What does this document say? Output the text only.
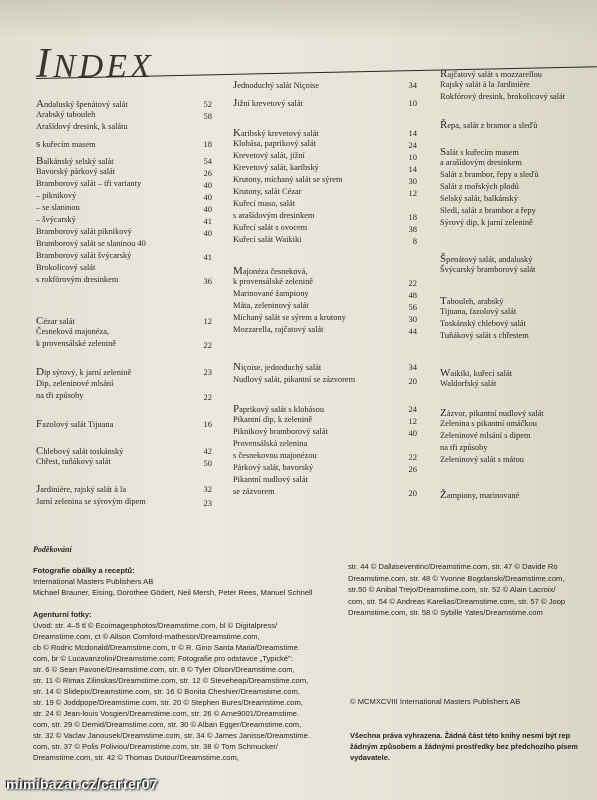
INDEX
Andaluský špenátový salát	52
Arabský tabouleh	58
Arašídový dresink, k salátu
s kuřecím masem	18
Balkánský selský salát	54
Bavorský párkový salát	26
Bramborový salát – tři varianty	40
– piknikový	40
– se slaninou	40
– švýcarský	41
Bramborový salát piknikový	40
Bramborový salát se slaninou 40
Bramborový salát švýcarský	41
Brokolicový salát
s rokfórovým dresinkem	36
Cézar salát	12
Česneková majonéza,
k provensálské zelenině	22
Dip sýrový, k jarní zelenině	23
Dip, zeleninové mlsání
na tři způsoby	22
Fazolový salát Tijuana	16
Chlebový salát toskánský	42
Chřest, tuňákový salát	50
Jardinière, rajský salát à la	32
Jarní zelenina se sýrovým dipem	23
Jednoduchý salát Niçoise	34
Jižní krevetový salát	10
Karibský krevetový salát	14
Klobása, paprikový salát	24
Krevetový salát, jižní	10
Krevetový salát, karibský	14
Krutony, míchaný salát se sýrem	30
Krutony, salát Cézar	12
Kuřecí maso, salát
s arašídovým dresinkem	18
Kuřecí salát s ovocem	38
Kuřecí salát Waikiki	8
Majonéza česneková,
k provensálské zelenině	22
Marinované žampiony	48
Máta, zeleninový salát	56
Míchaný salát se sýrem a krutony	30
Mozzarella, rajčatový salát	44
Niçoise, jednoduchý salát	34
Nudlový salát, pikantní se zázvorem	20
Paprikový salát s klobásou	24
Pikantní dip, k zelenině	12
Piknikový bramborový salát	40
Provensálská zelenina
s česnekovou majonézou	22
Párkový salát, bavorský	26
Pikantní nudlový salát
se zázvorem	20
Rajčatový salát s mozzarellou
Rajský salát à la Jardinière
Rokfórový dresink, brokolicový salát
Řepa, salát z bramor a sleďů
Salát s kuřecím masem
a arašídovým dresinkem
Salát z brambor, řepy a sleďů
Salát z mořských plodů
Selský salát, balkánský
Sledi, salát z brambor a řepy
Sýrový dip, k jarní zelenině
Špenátový salát, andaluský
Švýcarský bramborový salát
Tabouleh, arabský
Tijuana, fazolový salát
Toskánský chlebový salát
Tuňákový salát s chřestem
Waikiki, kuřecí salát
Waldorfský salát
Zázvor, pikantní nudlový salát
Zelenina s pikantní omáčkou
Zeleninové mlsání s dipem
na tři způsoby
Zeleninový salát s mátou
Žampiony, marinované
Poděkování
Fotografie obálky a receptů:
International Masters Publishers AB
Michael Brauner, Eising, Dorothee Gödert, Neil Mersh, Peter Rees, Manuel Schnell
Agenturní fotky:
Úvod: str. 4–5 tl © Ecoimagesphotos/Dreamstime.com, bl © Digitalpress/
Dreamstime.com, ct © Alison Cornford-matheson/Dreamstime.com,
cb © Rodric Mcdonald/Dreamstime.com, tr © R. Gino Santa Maria/Dreamstime.
com, br © Lucavanzolini/Dreamstime.com; Fotografie pro odstavce „Typické":
str. 6 © Sean Pavone/Dreamstime.com, str. 8 © Tyler Olson/Dreamstime.com,
str. 11 © Rimas Zilinskas/Dreamstime.com, str. 12 © Steveheap/Dreamstime.com,
str. 14 © Slidepix/Dreamstime.com, str. 16 © Bonita Cheshier/Dreamstime.com,
str. 19 © Joddpope/Dreamstime.com, str. 20 © Stephen Bures/Dreamstime.com,
str. 24 © Jean-louis Vosgien/Dreamstime.com, str. 26 © Arne9001/Dreamstime.
com, str. 29 © Demid/Dreamstime.com, str. 30 © Alban Egger/Dreamstime.com,
str. 32 © Vaclav Janousek/Dreamstime.com, str. 34 © James Janisse/Dreamstime.
com, str. 37 © Polis Poliviou/Dreamstime.com, str. 38 © Tom Schmucker/
Dreamstime.com, str. 42 © Thomas Dutour/Dreamstime.com,
str. 44 © Dallaseventinc/Dreamstime.com, str. 47 © Davide Ro
Dreamstime.com, str. 48 © Yvonne Bogdanski/Dreamstime.com,
str.50 © Anibal Trejo/Dreamstime.com, str. 52 © Alain Lacroix/
com, str. 54 © Andreas Karelias/Dreamstime.com, str. 57 © Joop
Dreamstime.com, str. 58 © Sybille Yates/Dreamstime.com
© MCMXCVIII International Masters Publishers AB
Všechna práva vyhrazena. Žádná část této knihy nesmí být rep
žádným způsobem a žádnými prostředky bez předchozího písem
vydavatele.
mimibazar.cz/carter07
